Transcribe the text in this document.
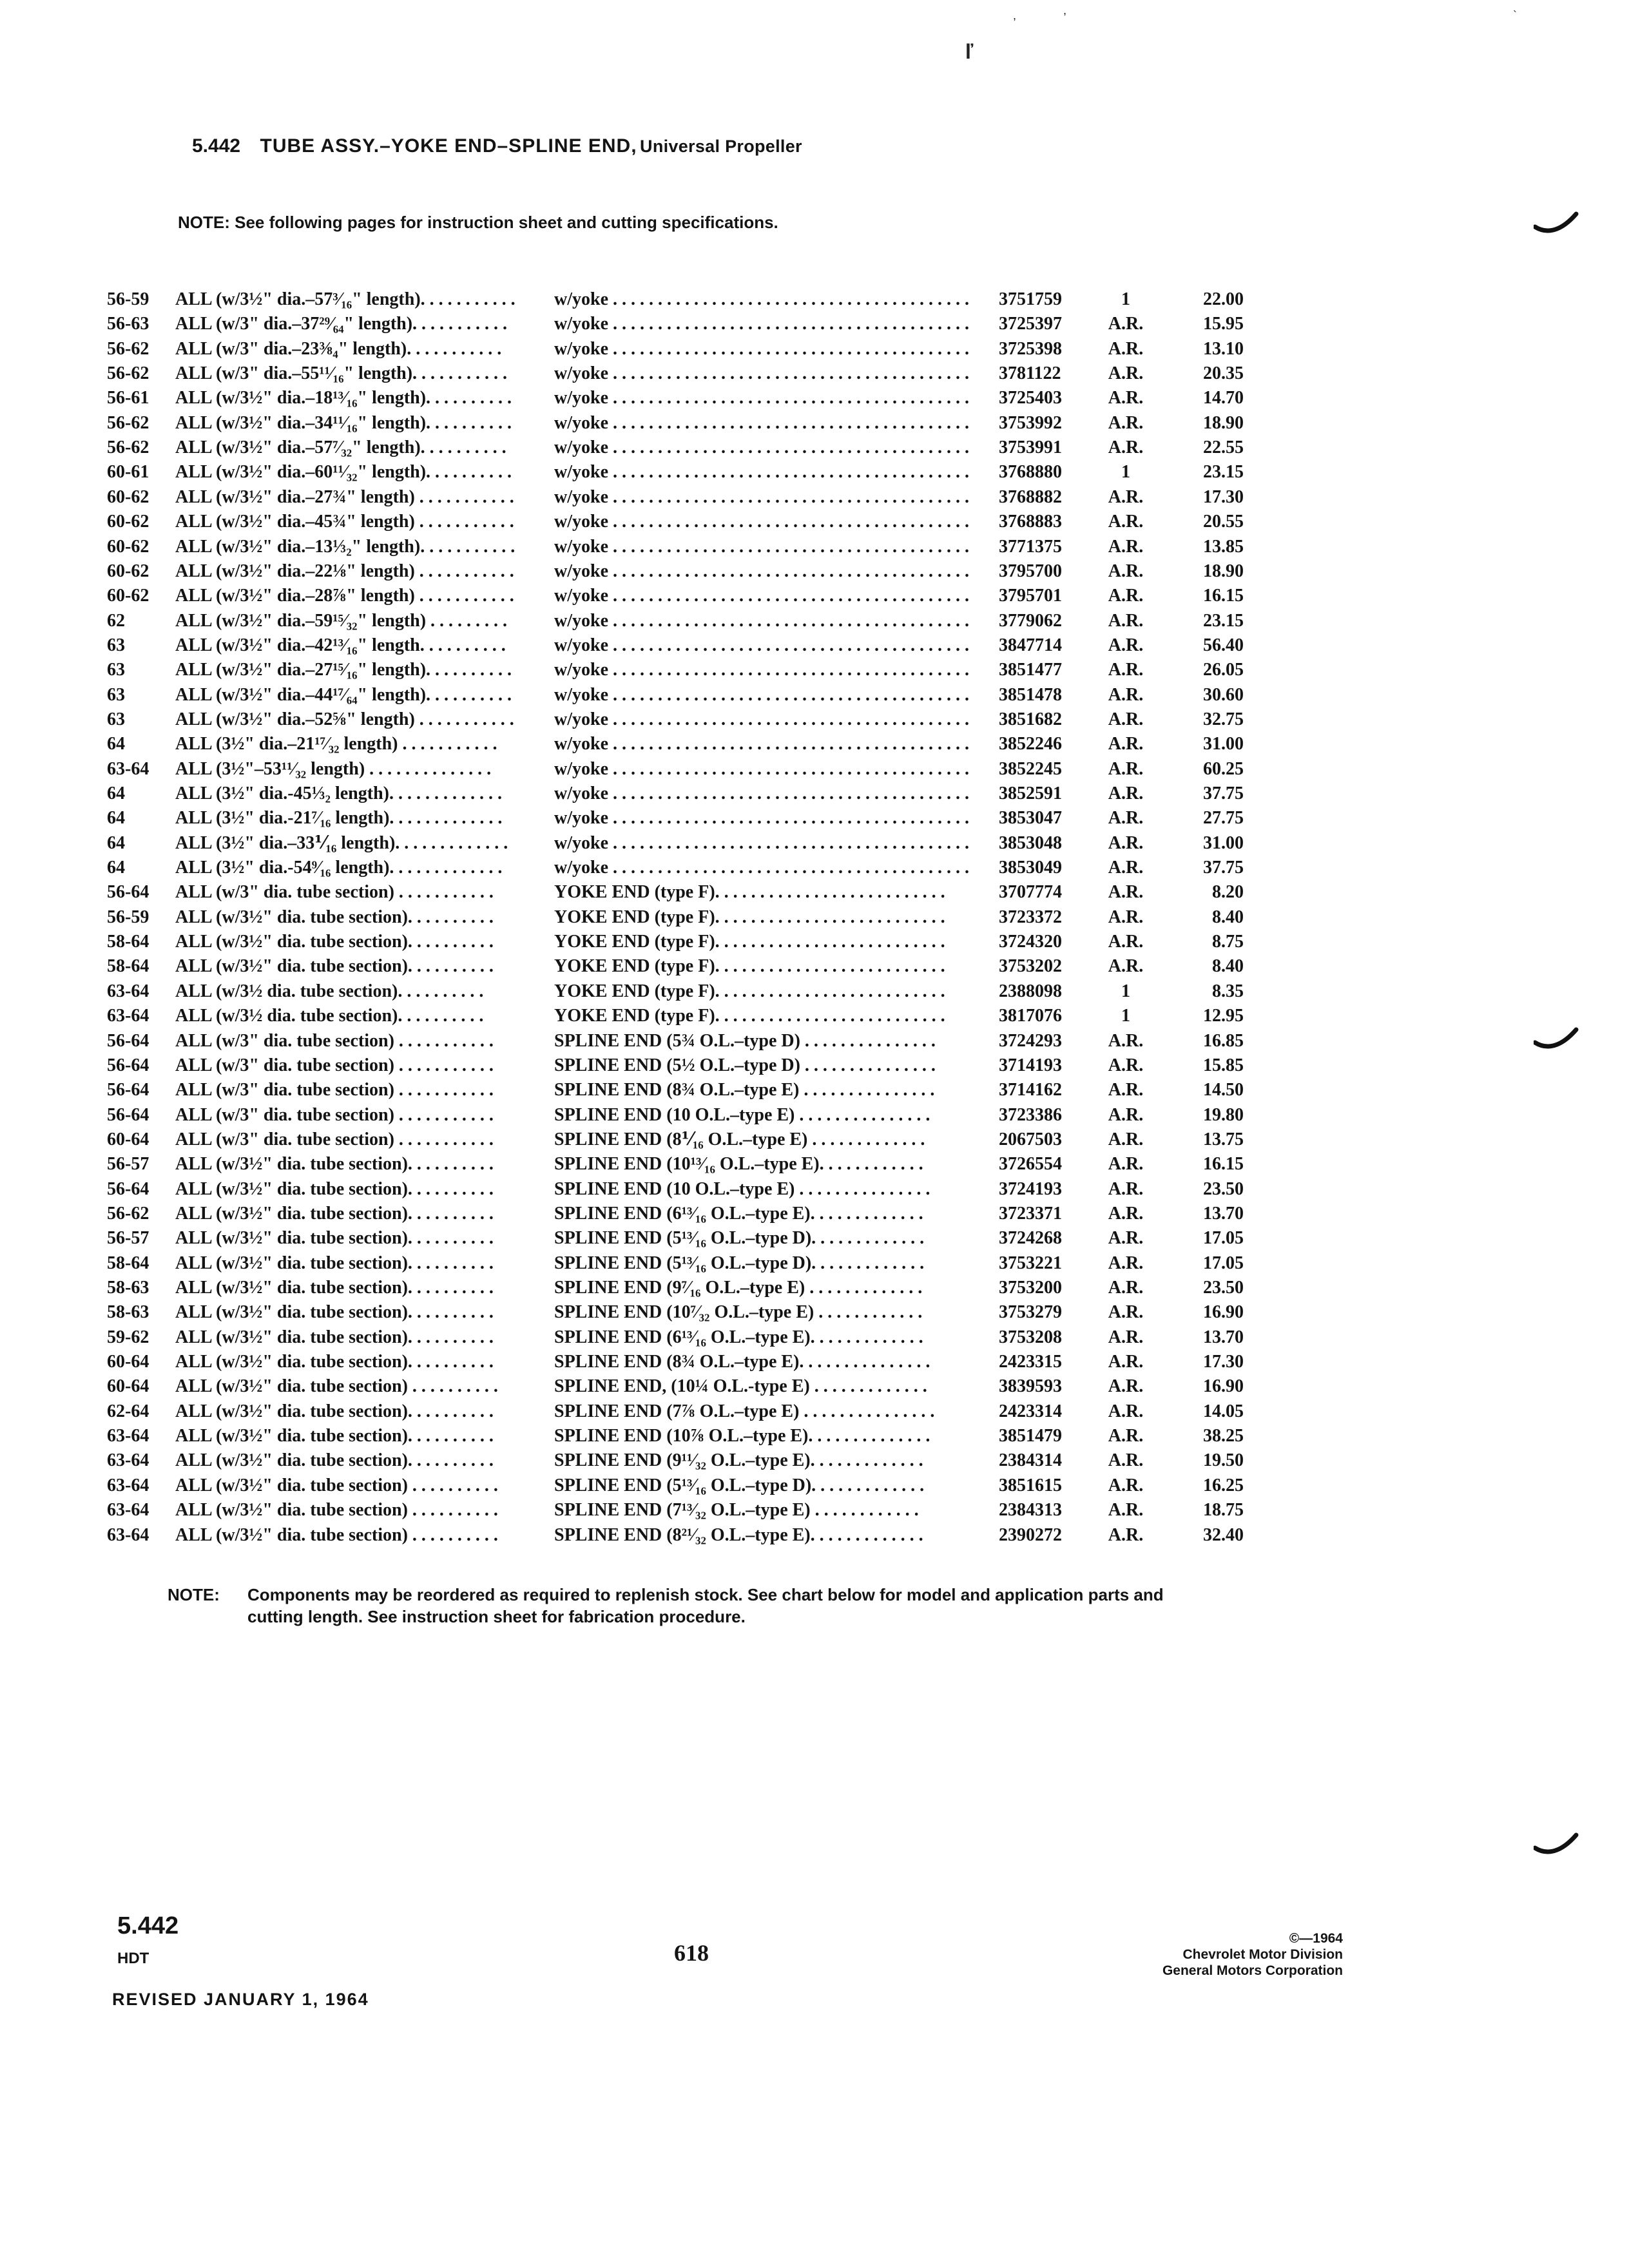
,	,
ľ
`
5.442 TUBE ASSY.–YOKE END–SPLINE END, Universal Propeller
NOTE: See following pages for instruction sheet and cutting specifications.
56-59	ALL (w/3½" dia.–57³⁄₁₆" length). . . . . . . . . . .	w/yoke . . . . . . . . . . . . . . . . . . . . . . . . . . . . . . . . . . . . . . . .	3751759	1	22.00
56-63	ALL (w/3" dia.–37²⁹⁄₆₄" length). . . . . . . . . . .	w/yoke . . . . . . . . . . . . . . . . . . . . . . . . . . . . . . . . . . . . . . . .	3725397	A.R.	15.95
56-62	ALL (w/3" dia.–23⅜₄" length). . . . . . . . . . .	w/yoke . . . . . . . . . . . . . . . . . . . . . . . . . . . . . . . . . . . . . . . .	3725398	A.R.	13.10
56-62	ALL (w/3" dia.–55¹¹⁄₁₆" length). . . . . . . . . . .	w/yoke . . . . . . . . . . . . . . . . . . . . . . . . . . . . . . . . . . . . . . . .	3781122	A.R.	20.35
56-61	ALL (w/3½" dia.–18¹³⁄₁₆" length). . . . . . . . . .	w/yoke . . . . . . . . . . . . . . . . . . . . . . . . . . . . . . . . . . . . . . . .	3725403	A.R.	14.70
56-62	ALL (w/3½" dia.–34¹¹⁄₁₆" length). . . . . . . . . .	w/yoke . . . . . . . . . . . . . . . . . . . . . . . . . . . . . . . . . . . . . . . .	3753992	A.R.	18.90
56-62	ALL (w/3½" dia.–57⁷⁄₃₂" length). . . . . . . . . .	w/yoke . . . . . . . . . . . . . . . . . . . . . . . . . . . . . . . . . . . . . . . .	3753991	A.R.	22.55
60-61	ALL (w/3½" dia.–60¹¹⁄₃₂" length). . . . . . . . . .	w/yoke . . . . . . . . . . . . . . . . . . . . . . . . . . . . . . . . . . . . . . . .	3768880	1	23.15
60-62	ALL (w/3½" dia.–27¾" length) . . . . . . . . . . .	w/yoke . . . . . . . . . . . . . . . . . . . . . . . . . . . . . . . . . . . . . . . .	3768882	A.R.	17.30
60-62	ALL (w/3½" dia.–45¾" length) . . . . . . . . . . .	w/yoke . . . . . . . . . . . . . . . . . . . . . . . . . . . . . . . . . . . . . . . .	3768883	A.R.	20.55
60-62	ALL (w/3½" dia.–13⅓₂" length). . . . . . . . . . .	w/yoke . . . . . . . . . . . . . . . . . . . . . . . . . . . . . . . . . . . . . . . .	3771375	A.R.	13.85
60-62	ALL (w/3½" dia.–22⅛" length) . . . . . . . . . . .	w/yoke . . . . . . . . . . . . . . . . . . . . . . . . . . . . . . . . . . . . . . . .	3795700	A.R.	18.90
60-62	ALL (w/3½" dia.–28⅞" length) . . . . . . . . . . .	w/yoke . . . . . . . . . . . . . . . . . . . . . . . . . . . . . . . . . . . . . . . .	3795701	A.R.	16.15
62	ALL (w/3½" dia.–59¹⁵⁄₃₂" length) . . . . . . . . .	w/yoke . . . . . . . . . . . . . . . . . . . . . . . . . . . . . . . . . . . . . . . .	3779062	A.R.	23.15
63	ALL (w/3½" dia.–42¹³⁄₁₆" length. . . . . . . . . .	w/yoke . . . . . . . . . . . . . . . . . . . . . . . . . . . . . . . . . . . . . . . .	3847714	A.R.	56.40
63	ALL (w/3½" dia.–27¹⁵⁄₁₆" length). . . . . . . . . .	w/yoke . . . . . . . . . . . . . . . . . . . . . . . . . . . . . . . . . . . . . . . .	3851477	A.R.	26.05
63	ALL (w/3½" dia.–44¹⁷⁄₆₄" length). . . . . . . . . .	w/yoke . . . . . . . . . . . . . . . . . . . . . . . . . . . . . . . . . . . . . . . .	3851478	A.R.	30.60
63	ALL (w/3½" dia.–52⅝" length) . . . . . . . . . . .	w/yoke . . . . . . . . . . . . . . . . . . . . . . . . . . . . . . . . . . . . . . . .	3851682	A.R.	32.75
64	ALL (3½" dia.–21¹⁷⁄₃₂ length) . . . . . . . . . . .	w/yoke . . . . . . . . . . . . . . . . . . . . . . . . . . . . . . . . . . . . . . . .	3852246	A.R.	31.00
63-64	ALL (3½"–53¹¹⁄₃₂ length) . . . . . . . . . . . . . .	w/yoke . . . . . . . . . . . . . . . . . . . . . . . . . . . . . . . . . . . . . . . .	3852245	A.R.	60.25
64	ALL (3½" dia.-45⅓₂ length). . . . . . . . . . . . .	w/yoke . . . . . . . . . . . . . . . . . . . . . . . . . . . . . . . . . . . . . . . .	3852591	A.R.	37.75
64	ALL (3½" dia.-21⁷⁄₁₆ length). . . . . . . . . . . . .	w/yoke . . . . . . . . . . . . . . . . . . . . . . . . . . . . . . . . . . . . . . . .	3853047	A.R.	27.75
64	ALL (3½" dia.–33⅟₁₆ length). . . . . . . . . . . . .	w/yoke . . . . . . . . . . . . . . . . . . . . . . . . . . . . . . . . . . . . . . . .	3853048	A.R.	31.00
64	ALL (3½" dia.-54⁹⁄₁₆ length). . . . . . . . . . . . .	w/yoke . . . . . . . . . . . . . . . . . . . . . . . . . . . . . . . . . . . . . . . .	3853049	A.R.	37.75
56-64	ALL (w/3" dia. tube section) . . . . . . . . . . .	YOKE END (type F). . . . . . . . . . . . . . . . . . . . . . . . . .	3707774	A.R.	8.20
56-59	ALL (w/3½" dia. tube section). . . . . . . . . .	YOKE END (type F). . . . . . . . . . . . . . . . . . . . . . . . . .	3723372	A.R.	8.40
58-64	ALL (w/3½" dia. tube section). . . . . . . . . .	YOKE END (type F). . . . . . . . . . . . . . . . . . . . . . . . . .	3724320	A.R.	8.75
58-64	ALL (w/3½" dia. tube section). . . . . . . . . .	YOKE END (type F). . . . . . . . . . . . . . . . . . . . . . . . . .	3753202	A.R.	8.40
63-64	ALL (w/3½ dia. tube section). . . . . . . . . .	YOKE END (type F). . . . . . . . . . . . . . . . . . . . . . . . . .	2388098	1	8.35
63-64	ALL (w/3½ dia. tube section). . . . . . . . . .	YOKE END (type F). . . . . . . . . . . . . . . . . . . . . . . . . .	3817076	1	12.95
56-64	ALL (w/3" dia. tube section) . . . . . . . . . . .	SPLINE END (5¾ O.L.–type D) . . . . . . . . . . . . . . .	3724293	A.R.	16.85
56-64	ALL (w/3" dia. tube section) . . . . . . . . . . .	SPLINE END (5½ O.L.–type D) . . . . . . . . . . . . . . .	3714193	A.R.	15.85
56-64	ALL (w/3" dia. tube section) . . . . . . . . . . .	SPLINE END (8¾ O.L.–type E) . . . . . . . . . . . . . . .	3714162	A.R.	14.50
56-64	ALL (w/3" dia. tube section) . . . . . . . . . . .	SPLINE END (10 O.L.–type E) . . . . . . . . . . . . . . .	3723386	A.R.	19.80
60-64	ALL (w/3" dia. tube section) . . . . . . . . . . .	SPLINE END (8⅟₁₆ O.L.–type E) . . . . . . . . . . . . .	2067503	A.R.	13.75
56-57	ALL (w/3½" dia. tube section). . . . . . . . . .	SPLINE END (10¹³⁄₁₆ O.L.–type E). . . . . . . . . . . .	3726554	A.R.	16.15
56-64	ALL (w/3½" dia. tube section). . . . . . . . . .	SPLINE END (10 O.L.–type E) . . . . . . . . . . . . . . .	3724193	A.R.	23.50
56-62	ALL (w/3½" dia. tube section). . . . . . . . . .	SPLINE END (6¹³⁄₁₆ O.L.–type E). . . . . . . . . . . . .	3723371	A.R.	13.70
56-57	ALL (w/3½" dia. tube section). . . . . . . . . .	SPLINE END (5¹³⁄₁₆ O.L.–type D). . . . . . . . . . . . .	3724268	A.R.	17.05
58-64	ALL (w/3½" dia. tube section). . . . . . . . . .	SPLINE END (5¹³⁄₁₆ O.L.–type D). . . . . . . . . . . . .	3753221	A.R.	17.05
58-63	ALL (w/3½" dia. tube section). . . . . . . . . .	SPLINE END (9⁷⁄₁₆ O.L.–type E) . . . . . . . . . . . . .	3753200	A.R.	23.50
58-63	ALL (w/3½" dia. tube section). . . . . . . . . .	SPLINE END (10⁷⁄₃₂ O.L.–type E) . . . . . . . . . . . .	3753279	A.R.	16.90
59-62	ALL (w/3½" dia. tube section). . . . . . . . . .	SPLINE END (6¹³⁄₁₆ O.L.–type E). . . . . . . . . . . . .	3753208	A.R.	13.70
60-64	ALL (w/3½" dia. tube section). . . . . . . . . .	SPLINE END (8¾ O.L.–type E). . . . . . . . . . . . . . .	2423315	A.R.	17.30
60-64	ALL (w/3½" dia. tube section) . . . . . . . . . .	SPLINE END, (10¼ O.L.-type E) . . . . . . . . . . . . .	3839593	A.R.	16.90
62-64	ALL (w/3½" dia. tube section). . . . . . . . . .	SPLINE END (7⅞ O.L.–type E) . . . . . . . . . . . . . . .	2423314	A.R.	14.05
63-64	ALL (w/3½" dia. tube section). . . . . . . . . .	SPLINE END (10⅞ O.L.–type E). . . . . . . . . . . . . .	3851479	A.R.	38.25
63-64	ALL (w/3½" dia. tube section). . . . . . . . . .	SPLINE END (9¹¹⁄₃₂ O.L.–type E). . . . . . . . . . . . .	2384314	A.R.	19.50
63-64	ALL (w/3½" dia. tube section) . . . . . . . . . .	SPLINE END (5¹³⁄₁₆ O.L.–type D). . . . . . . . . . . . .	3851615	A.R.	16.25
63-64	ALL (w/3½" dia. tube section) . . . . . . . . . .	SPLINE END (7¹³⁄₃₂ O.L.–type E) . . . . . . . . . . . .	2384313	A.R.	18.75
63-64	ALL (w/3½" dia. tube section) . . . . . . . . . .	SPLINE END (8²¹⁄₃₂ O.L.–type E). . . . . . . . . . . . .	2390272	A.R.	32.40
NOTE: Components may be reordered as required to replenish stock. See chart below for model and application parts and cutting length. See instruction sheet for fabrication procedure.
5.442
HDT
REVISED JANUARY 1, 1964
618
©—1964
Chevrolet Motor Division
General Motors Corporation
